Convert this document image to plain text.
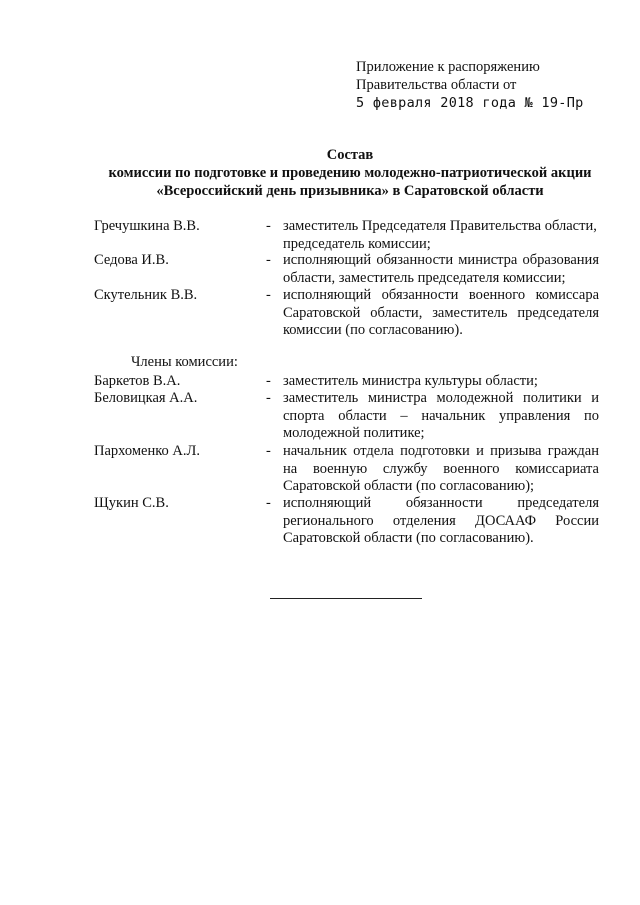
Приложение к распоряжению
Правительства области от
5 февраля 2018 года № 19-Пр
Состав
комиссии по подготовке и проведению молодежно-патриотической акции
«Всероссийский день призывника» в Саратовской области
Гречушкина В.В.	- заместитель Председателя Правительства области, председатель комиссии;
Седова И.В.	- исполняющий обязанности министра образования области, заместитель председателя комиссии;
Скутельник В.В.	- исполняющий обязанности военного комиссара Саратовской области, заместитель председателя комиссии (по согласованию).
Члены комиссии:
Баркетов В.А.	- заместитель министра культуры области;
Беловицкая А.А.	- заместитель министра молодежной политики и спорта области – начальник управления по молодежной политике;
Пархоменко А.Л.	- начальник отдела подготовки и призыва граждан на военную службу военного комиссариата Саратовской области (по согласованию);
Щукин С.В.	- исполняющий обязанности председателя регионального отделения ДОСААФ России Саратовской области (по согласованию).
